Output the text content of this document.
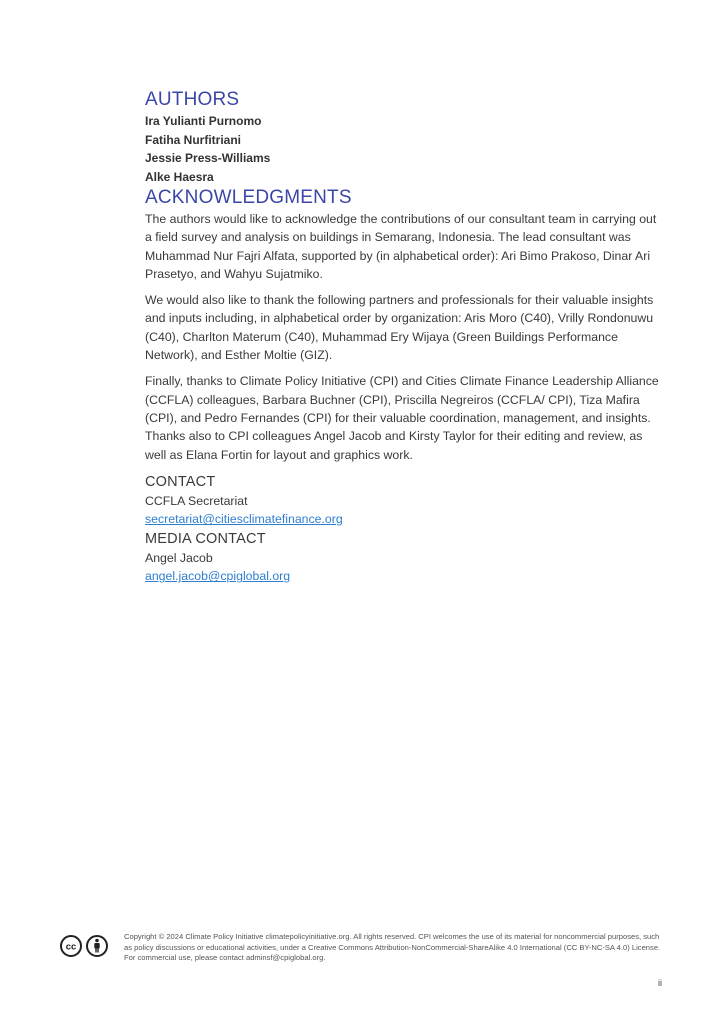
AUTHORS
Ira Yulianti Purnomo
Fatiha Nurfitriani
Jessie Press-Williams
Alke Haesra
ACKNOWLEDGMENTS

The authors would like to acknowledge the contributions of our consultant team in carrying out a field survey and analysis on buildings in Semarang, Indonesia. The lead consultant was Muhammad Nur Fajri Alfata, supported by (in alphabetical order): Ari Bimo Prakoso, Dinar Ari Prasetyo, and Wahyu Sujatmiko.

We would also like to thank the following partners and professionals for their valuable insights and inputs including, in alphabetical order by organization: Aris Moro (C40), Vrilly Rondonuwu (C40), Charlton Materum (C40), Muhammad Ery Wijaya (Green Buildings Performance Network), and Esther Moltie (GIZ).

Finally, thanks to Climate Policy Initiative (CPI) and Cities Climate Finance Leadership Alliance (CCFLA) colleagues, Barbara Buchner (CPI), Priscilla Negreiros (CCFLA/ CPI), Tiza Mafira (CPI), and Pedro Fernandes (CPI) for their valuable coordination, management, and insights. Thanks also to CPI colleagues Angel Jacob and Kirsty Taylor for their editing and review, as well as Elana Fortin for layout and graphics work.

CONTACT
CCFLA Secretariat
secretariat@citiesclimatefinance.org
MEDIA CONTACT
Angel Jacob
angel.jacob@cpiglobal.org
cc
Copyright © 2024 Climate Policy Initiative climatepolicyinitiative.org. All rights reserved. CPI welcomes the use of its material for noncommercial purposes, such as policy discussions or educational activities, under a Creative Commons Attribution-NonCommercial-ShareAlike 4.0 International (CC BY-NC-SA 4.0) License. For commercial use, please contact adminsf@cpiglobal.org.
ii
